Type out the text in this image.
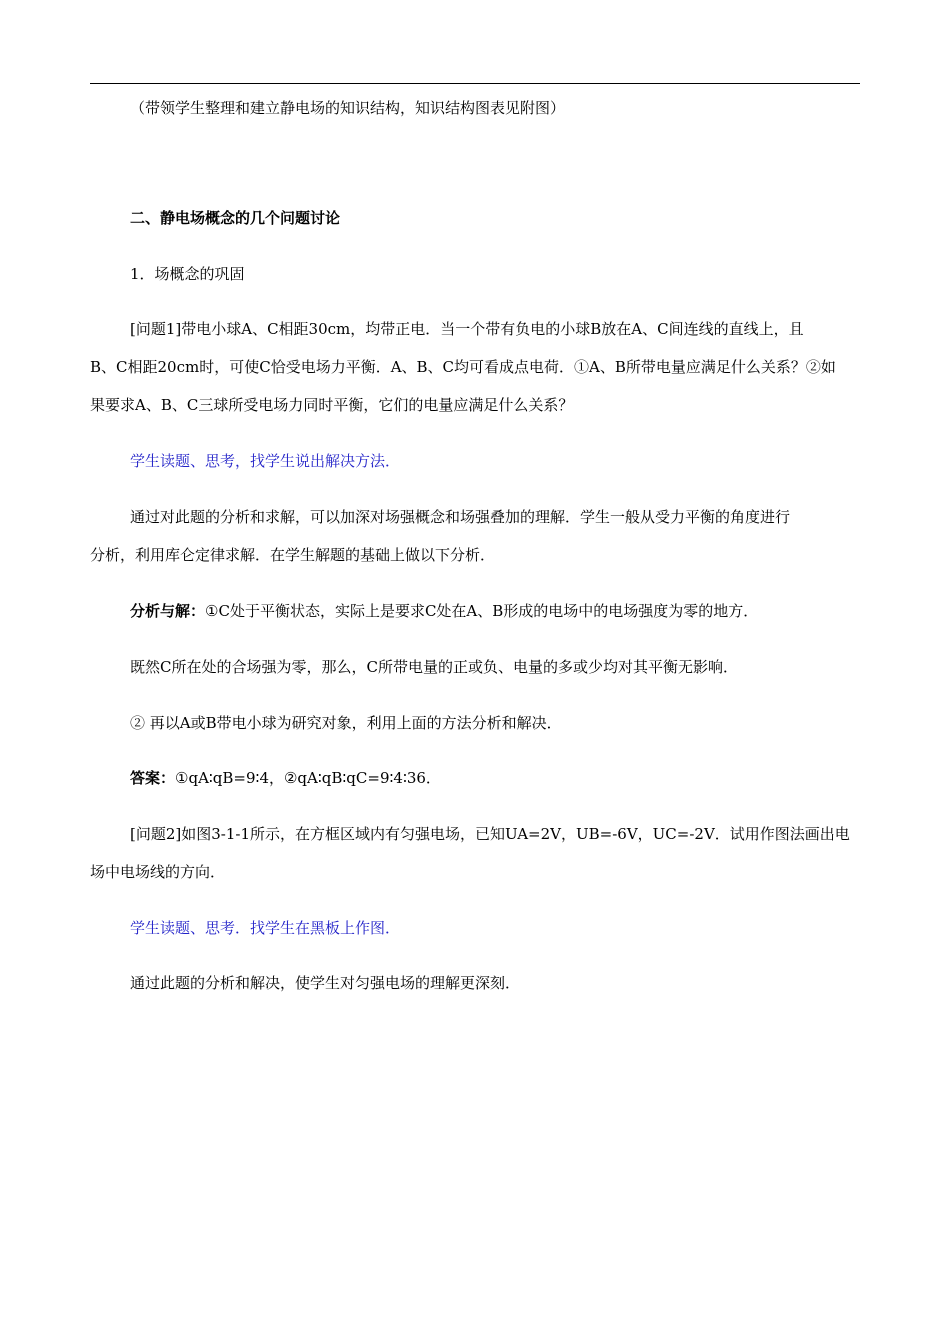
（带领学生整理和建立静电场的知识结构，知识结构图表见附图）
二、静电场概念的几个问题讨论
1．场概念的巩固
[问题1]带电小球A、C相距30cm，均带正电．当一个带有负电的小球B放在A、C间连线的直线上，且
B、C相距20cm时，可使C恰受电场力平衡．A、B、C均可看成点电荷．①A、B所带电量应满足什么关系？②如
果要求A、B、C三球所受电场力同时平衡，它们的电量应满足什么关系？
学生读题、思考，找学生说出解决方法．
通过对此题的分析和求解，可以加深对场强概念和场强叠加的理解．学生一般从受力平衡的角度进行
分析，利用库仑定律求解．在学生解题的基础上做以下分析．
分析与解：①C处于平衡状态，实际上是要求C处在A、B形成的电场中的电场强度为零的地方．
既然C所在处的合场强为零，那么，C所带电量的正或负、电量的多或少均对其平衡无影响．
② 再以A或B带电小球为研究对象，利用上面的方法分析和解决．
答案：①qA∶qB=9∶4，②qA∶qB∶qC=9∶4∶36．
[问题2]如图3-1-1所示，在方框区域内有匀强电场，已知UA=2V，UB=-6V，UC=-2V．试用作图法画出电
场中电场线的方向．
学生读题、思考．找学生在黑板上作图．
通过此题的分析和解决，使学生对匀强电场的理解更深刻．
